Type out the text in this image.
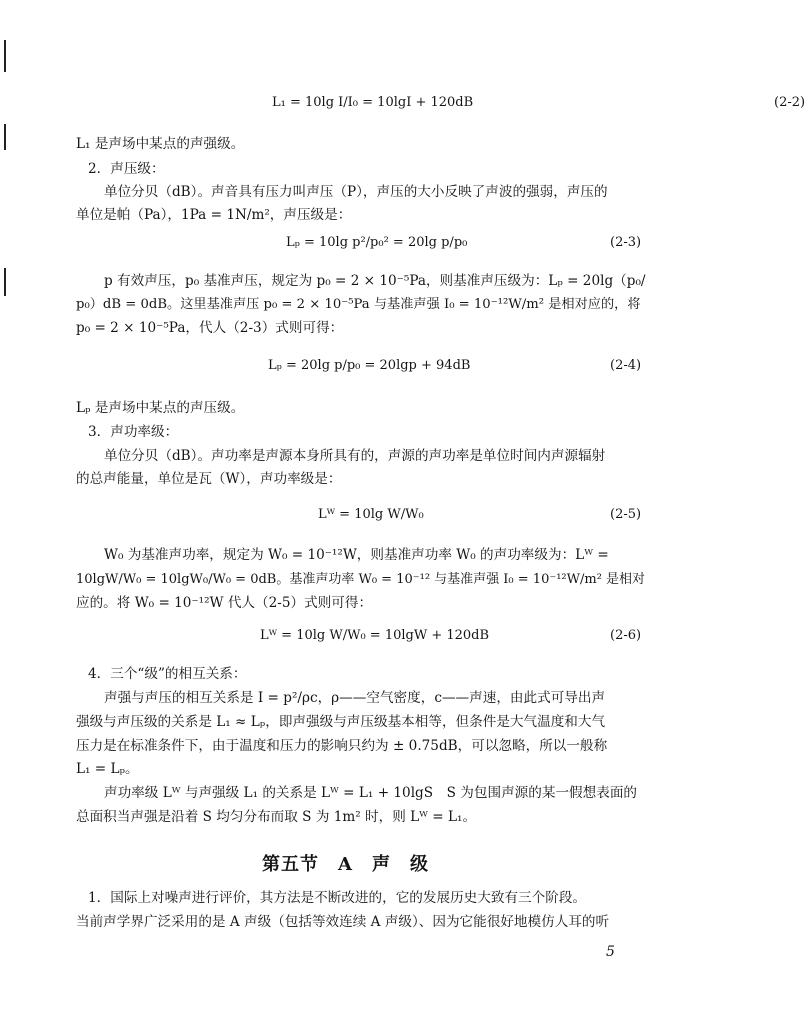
L₁ = 10lg I/I₀ = 10lgI + 120dB	(2-2)
Lₚ = 10lg p²/p₀² = 20lg p/p₀	(2-3)
Lₚ = 20lg p/p₀ = 20lgp + 94dB	(2-4)
Lᵂ = 10lg W/W₀	(2-5)
Lᵂ = 10lg W/W₀ = 10lgW + 120dB	(2-6)
L₁ 是声场中某点的声强级。
2．声压级：
单位分贝（dB）。声音具有压力叫声压（P），声压的大小反映了声波的强弱，声压的
单位是帕（Pa），1Pa = 1N/m²，声压级是：
p 有效声压，p₀ 基准声压，规定为 p₀ = 2 × 10⁻⁵Pa，则基准声压级为：Lₚ = 20lg（p₀/
p₀）dB = 0dB。这里基准声压 p₀ = 2 × 10⁻⁵Pa 与基准声强 I₀ = 10⁻¹²W/m² 是相对应的，将
p₀ = 2 × 10⁻⁵Pa，代人（2-3）式则可得：
Lₚ 是声场中某点的声压级。
3．声功率级：
单位分贝（dB）。声功率是声源本身所具有的，声源的声功率是单位时间内声源辐射
的总声能量，单位是瓦（W），声功率级是：
W₀ 为基准声功率，规定为 W₀ = 10⁻¹²W，则基准声功率 W₀ 的声功率级为：Lᵂ =
10lgW/W₀ = 10lgW₀/W₀ = 0dB。基准声功率 W₀ = 10⁻¹² 与基准声强 I₀ = 10⁻¹²W/m² 是相对
应的。将 W₀ = 10⁻¹²W 代人（2-5）式则可得：
4．三个“级”的相互关系：
声强与声压的相互关系是 I = p²/ρc，ρ——空气密度，c——声速，由此式可导出声
强级与声压级的关系是 L₁ ≈ Lₚ，即声强级与声压级基本相等，但条件是大气温度和大气
压力是在标准条件下，由于温度和压力的影响只约为 ± 0.75dB，可以忽略，所以一般称
L₁ = Lₚ。
声功率级 Lᵂ 与声强级 L₁ 的关系是 Lᵂ = L₁ + 10lgS　S 为包围声源的某一假想表面的
总面积当声强是沿着 S 均匀分布而取 S 为 1m² 时，则 Lᵂ = L₁。
第五节　A　声　级
1．国际上对噪声进行评价，其方法是不断改进的，它的发展历史大致有三个阶段。
当前声学界广泛采用的是 A 声级（包括等效连续 A 声级）、因为它能很好地模仿人耳的听
5
